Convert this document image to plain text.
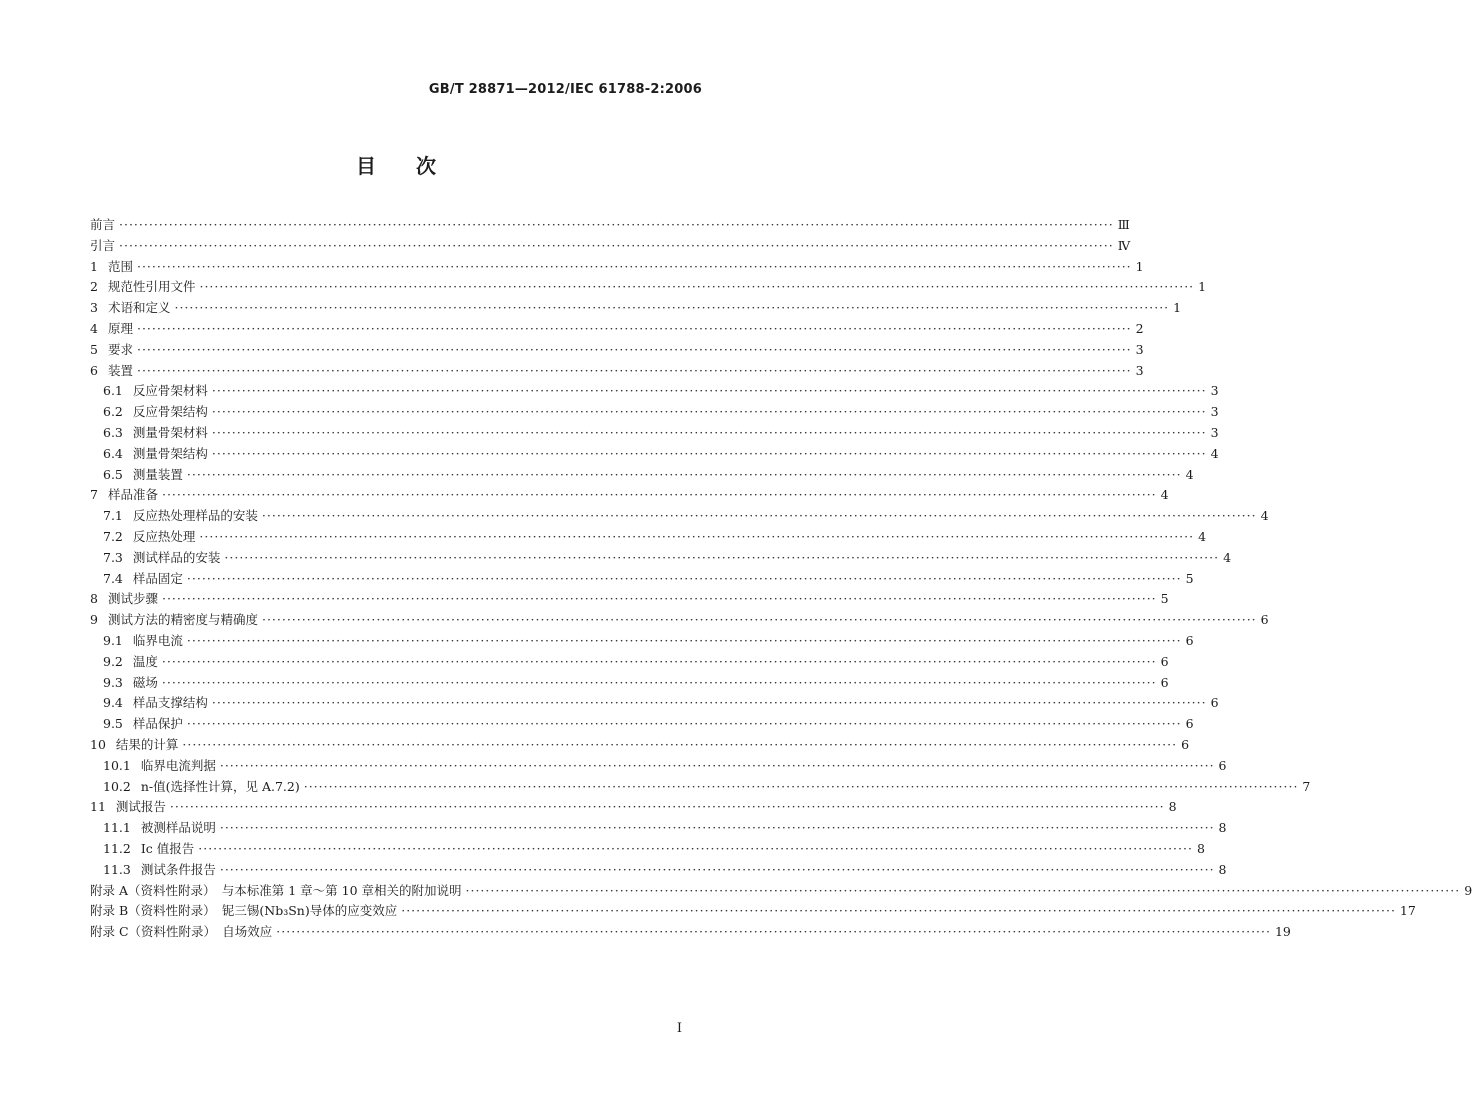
GB/T 28871—2012/IEC 61788-2:2006
目　　次
前言 ········································································································································································································ Ⅲ
引言 ········································································································································································································ Ⅳ
1 范围 ········································································································································································································ 1
2 规范性引用文件 ········································································································································································································ 1
3 术语和定义 ········································································································································································································ 1
4 原理 ········································································································································································································ 2
5 要求 ········································································································································································································ 3
6 装置 ········································································································································································································ 3
6.1 反应骨架材料 ········································································································································································································ 3
6.2 反应骨架结构 ········································································································································································································ 3
6.3 测量骨架材料 ········································································································································································································ 3
6.4 测量骨架结构 ········································································································································································································ 4
6.5 测量装置 ········································································································································································································ 4
7 样品准备 ········································································································································································································ 4
7.1 反应热处理样品的安装 ········································································································································································································ 4
7.2 反应热处理 ········································································································································································································ 4
7.3 测试样品的安装 ········································································································································································································ 4
7.4 样品固定 ········································································································································································································ 5
8 测试步骤 ········································································································································································································ 5
9 测试方法的精密度与精确度 ········································································································································································································ 6
9.1 临界电流 ········································································································································································································ 6
9.2 温度 ········································································································································································································ 6
9.3 磁场 ········································································································································································································ 6
9.4 样品支撑结构 ········································································································································································································ 6
9.5 样品保护 ········································································································································································································ 6
10 结果的计算 ········································································································································································································ 6
10.1 临界电流判据 ········································································································································································································ 6
10.2 n-值(选择性计算，见 A.7.2) ········································································································································································································ 7
11 测试报告 ········································································································································································································ 8
11.1 被测样品说明 ········································································································································································································ 8
11.2 Ic 值报告 ········································································································································································································ 8
11.3 测试条件报告 ········································································································································································································ 8
附录 A（资料性附录）　与本标准第 1 章～第 10 章相关的附加说明 ········································································································································································································ 9
附录 B（资料性附录）　铌三锡(Nb₃Sn)导体的应变效应 ········································································································································································································ 17
附录 C（资料性附录）　自场效应 ········································································································································································································ 19
Ⅰ
